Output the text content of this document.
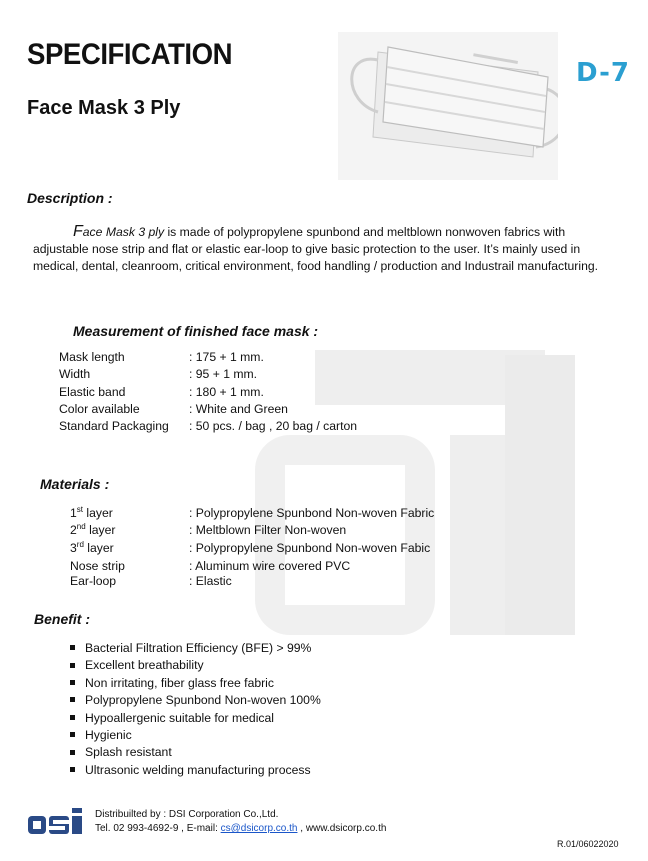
SPECIFICATION
Face Mask 3 Ply
D-7
Description :
Face Mask 3 ply is made of polypropylene spunbond and meltblown nonwoven fabrics with adjustable nose strip and flat or elastic ear-loop to give basic protection to the user. It’s mainly used in medical, dental, cleanroom, critical environment, food handling / production and Industrail manufacturing.
Measurement of finished face mask :
Mask length	: 175 + 1 mm.
Width	: 95 + 1 mm.
Elastic band	: 180 + 1 mm.
Color available	: White and Green
Standard Packaging : 50 pcs. / bag , 20 bag / carton
Materials :
1st layer	: Polypropylene Spunbond Non-woven Fabric
2nd layer	: Meltblown Filter Non-woven
3rd layer	: Polypropylene Spunbond Non-woven Fabic
Nose strip	: Aluminum wire covered PVC
Ear-loop	: Elastic
Benefit :
Bacterial Filtration Efficiency (BFE) > 99%
Excellent breathability
Non irritating, fiber glass free fabric
Polypropylene Spunbond Non-woven 100%
Hypoallergenic suitable for medical
Hygienic
Splash resistant
Ultrasonic welding manufacturing process
Distribuilted by : DSI Corporation Co.,Ltd.
Tel. 02 993-4692-9 , E-mail: cs@dsicorp.co.th , www.dsicorp.co.th
R.01/06022020
